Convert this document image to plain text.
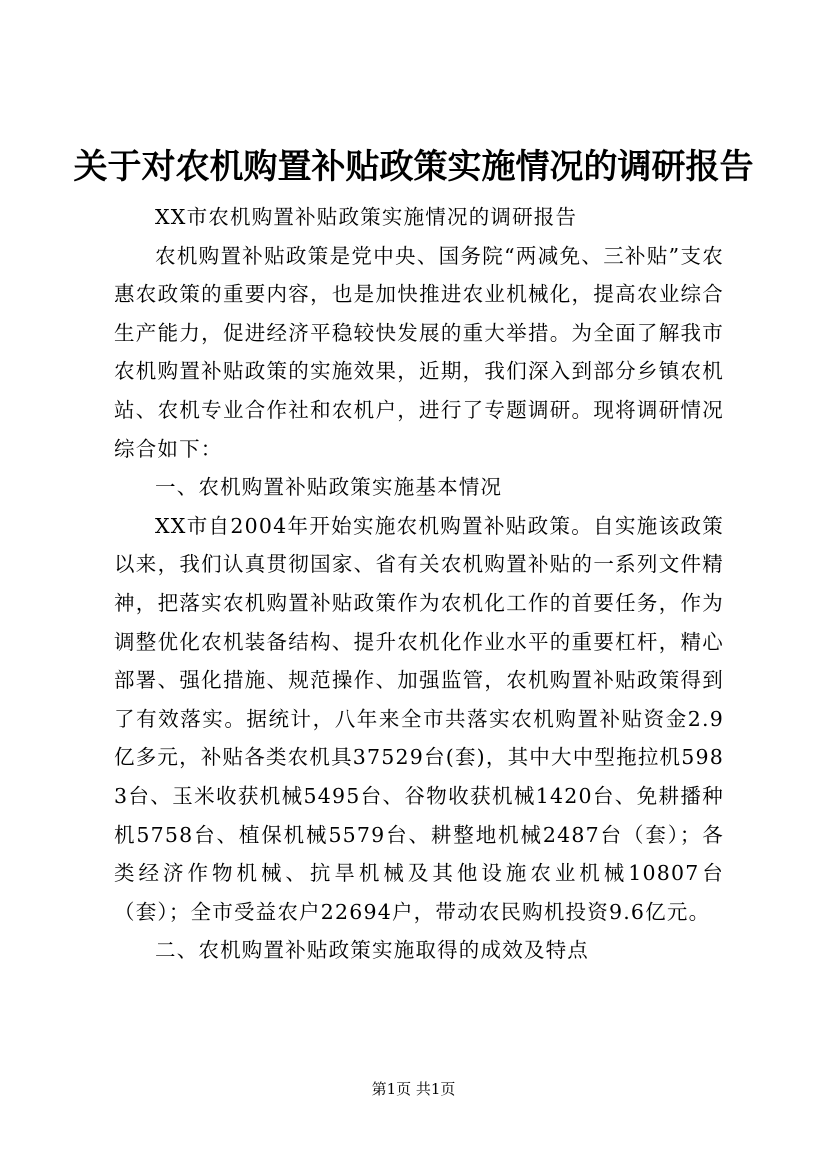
关于对农机购置补贴政策实施情况的调研报告

XX市农机购置补贴政策实施情况的调研报告

农机购置补贴政策是党中央、国务院“两减免、三补贴”支农惠农政策的重要内容，也是加快推进农业机械化，提高农业综合生产能力，促进经济平稳较快发展的重大举措。为全面了解我市农机购置补贴政策的实施效果，近期，我们深入到部分乡镇农机站、农机专业合作社和农机户，进行了专题调研。现将调研情况综合如下：

一、农机购置补贴政策实施基本情况

XX市自2004年开始实施农机购置补贴政策。自实施该政策以来，我们认真贯彻国家、省有关农机购置补贴的一系列文件精神，把落实农机购置补贴政策作为农机化工作的首要任务，作为调整优化农机装备结构、提升农机化作业水平的重要杠杆，精心部署、强化措施、规范操作、加强监管，农机购置补贴政策得到了有效落实。据统计，八年来全市共落实农机购置补贴资金2.9亿多元，补贴各类农机具37529台(套)，其中大中型拖拉机5983台、玉米收获机械5495台、谷物收获机械1420台、免耕播种机5758台、植保机械5579台、耕整地机械2487台（套）；各类经济作物机械、抗旱机械及其他设施农业机械10807台（套）；全市受益农户22694户，带动农民购机投资9.6亿元。

二、农机购置补贴政策实施取得的成效及特点

第1页 共1页
